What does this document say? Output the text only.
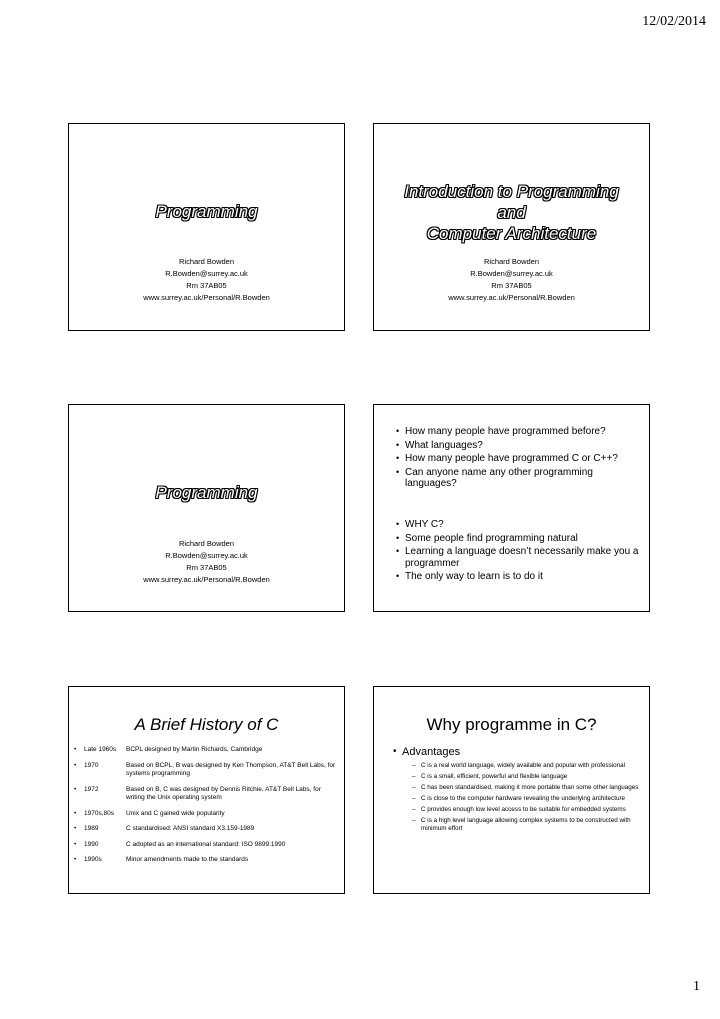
12/02/2014
Programming
Richard Bowden
R.Bowden@surrey.ac.uk
Rm 37AB05
www.surrey.ac.uk/Personal/R.Bowden
Introduction to Programming
and
Computer Architecture
Richard Bowden
R.Bowden@surrey.ac.uk
Rm 37AB05
www.surrey.ac.uk/Personal/R.Bowden
Programming
Richard Bowden
R.Bowden@surrey.ac.uk
Rm 37AB05
www.surrey.ac.uk/Personal/R.Bowden
• How many people have programmed before?
• What languages?
• How many people have programmed C or C++?
• Can anyone name any other programming languages?
• WHY C?
• Some people find programming natural
• Learning a language doesn’t necessarily make you a programmer
• The only way to learn is to do it
A Brief History of C
•	Late 1960s	BCPL designed by Martin Richards, Cambridge
•	1970	Based on BCPL, B was designed by Ken Thompson, AT&T Bell Labs, for systems programming
•	1972	Based on B, C was designed by Dennis Ritchie, AT&T Bell Labs, for writing the Unix operating system
•	1970s,80s	Unix and C gained wide popularity
•	1989	C standardised: ANSI standard X3.159-1989
•	1990	C adopted as an international standard: ISO 9899:1990
•	1990s	Minor amendments made to the standards
Why programme in C?
• Advantages
– C is a real world language, widely available and popular with professional
– C is a small, efficient, powerful and flexible language
– C has been standardised, making it more portable than some other languages
– C is close to the computer hardware revealing the underlying architecture
– C provides enough low level access to be suitable for embedded systems
– C is a high level language allowing complex systems to be constructed with minimum effort
1
